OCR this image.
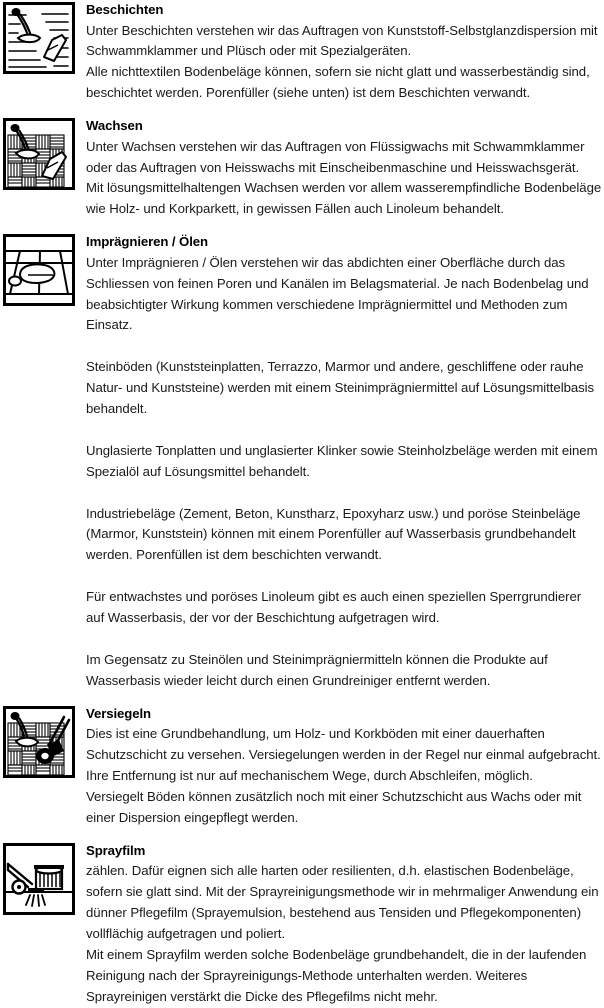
Beschichten
Unter Beschichten verstehen wir das Auftragen von Kunststoff-Selbstglanzdispersion mit Schwammklammer und Plüsch oder mit Spezialgeräten.
Alle nichttextilen Bodenbeläge können, sofern sie nicht glatt und wasserbeständig sind, beschichtet werden. Porenfüller (siehe unten) ist dem Beschichten verwandt.
Wachsen
Unter Wachsen verstehen wir das Auftragen von Flüssigwachs mit Schwammklammer oder das Auftragen von Heisswachs mit Einscheibenmaschine und Heisswachsgerät.
Mit lösungsmittelhaltengen Wachsen werden vor allem wasserempfindliche Bodenbeläge wie Holz- und Korkparkett, in gewissen Fällen auch Linoleum behandelt.
Imprägnieren / Ölen
Unter Imprägnieren / Ölen verstehen wir das abdichten einer Oberfläche durch das Schliessen von feinen Poren und Kanälen im Belagsmaterial. Je nach Bodenbelag und beabsichtigter Wirkung kommen verschiedene Imprägniermittel und Methoden zum Einsatz.
Steinböden (Kunststeinplatten, Terrazzo, Marmor und andere, geschliffene oder rauhe Natur- und Kunststeine) werden mit einem Steinimprägniermittel auf Lösungsmittelbasis behandelt.
Unglasierte Tonplatten und unglasierter Klinker sowie Steinholzbeläge werden mit einem Spezialöl auf Lösungsmittel behandelt.
Industriebeläge (Zement, Beton, Kunstharz, Epoxyharz usw.) und poröse Steinbeläge (Marmor, Kunststein) können mit einem Porenfüller auf Wasserbasis grundbehandelt werden. Porenfüllen ist dem beschichten verwandt.
Für entwachstes und poröses Linoleum gibt es auch einen speziellen Sperrgrundierer auf Wasserbasis, der vor der Beschichtung aufgetragen wird.
Im Gegensatz zu Steinölen und Steinimprägniermitteln können die Produkte auf Wasserbasis wieder leicht durch einen Grundreiniger entfernt werden.
Versiegeln
Dies ist eine Grundbehandlung, um Holz- und Korkböden mit einer dauerhaften Schutzschicht zu versehen. Versiegelungen werden in der Regel nur einmal aufgebracht. Ihre Entfernung ist nur auf mechanischem Wege, durch Abschleifen, möglich.
Versiegelt Böden können zusätzlich noch mit einer Schutzschicht aus Wachs oder mit einer Dispersion eingepflegt werden.
Sprayfilm
zählen. Dafür eignen sich alle harten oder resilienten, d.h. elastischen Bodenbeläge, sofern sie glatt sind. Mit der Sprayreinigungsmethode wir in mehrmaliger Anwendung ein dünner Pflegefilm (Sprayemulsion, bestehend aus Tensiden und Pflegekomponenten) vollflächig aufgetragen und poliert.
Mit einem Sprayfilm werden solche Bodenbeläge grundbehandelt, die in der laufenden Reinigung nach der Sprayreinigungs-Methode unterhalten werden. Weiteres Sprayreinigen verstärkt die Dicke des Pflegefilms nicht mehr.
